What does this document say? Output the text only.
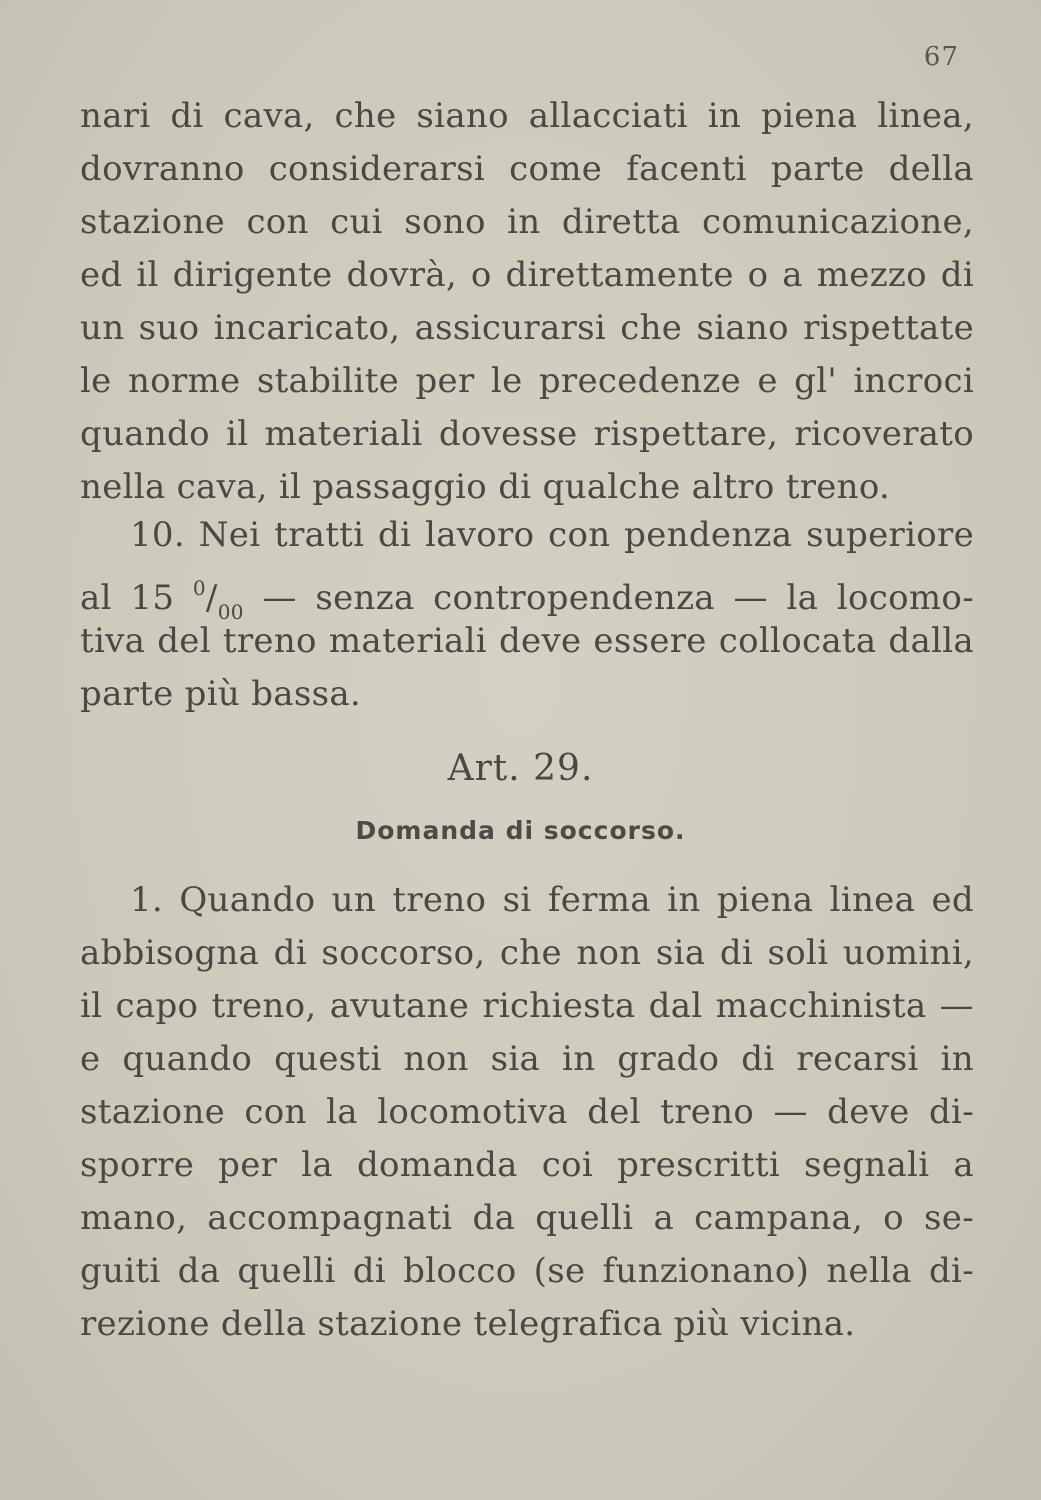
67
nari di cava, che siano allacciati in piena linea,
dovranno considerarsi come facenti parte della
stazione con cui sono in diretta comunicazione,
ed il dirigente dovrà, o direttamente o a mezzo di
un suo incaricato, assicurarsi che siano rispettate
le norme stabilite per le precedenze e gl' incroci
quando il materiali dovesse rispettare, ricoverato
nella cava, il passaggio di qualche altro treno.
10. Nei tratti di lavoro con pendenza superiore
al 15 $^0/_{00}$ — senza contropendenza — la locomo-
tiva del treno materiali deve essere collocata dalla
parte più bassa.
Art. 29.
Domanda di soccorso.
1. Quando un treno si ferma in piena linea ed
abbisogna di soccorso, che non sia di soli uomini,
il capo treno, avutane richiesta dal macchinista —
e quando questi non sia in grado di recarsi in
stazione con la locomotiva del treno — deve di-
sporre per la domanda coi prescritti segnali a
mano, accompagnati da quelli a campana, o se-
guiti da quelli di blocco (se funzionano) nella di-
rezione della stazione telegrafica più vicina.
